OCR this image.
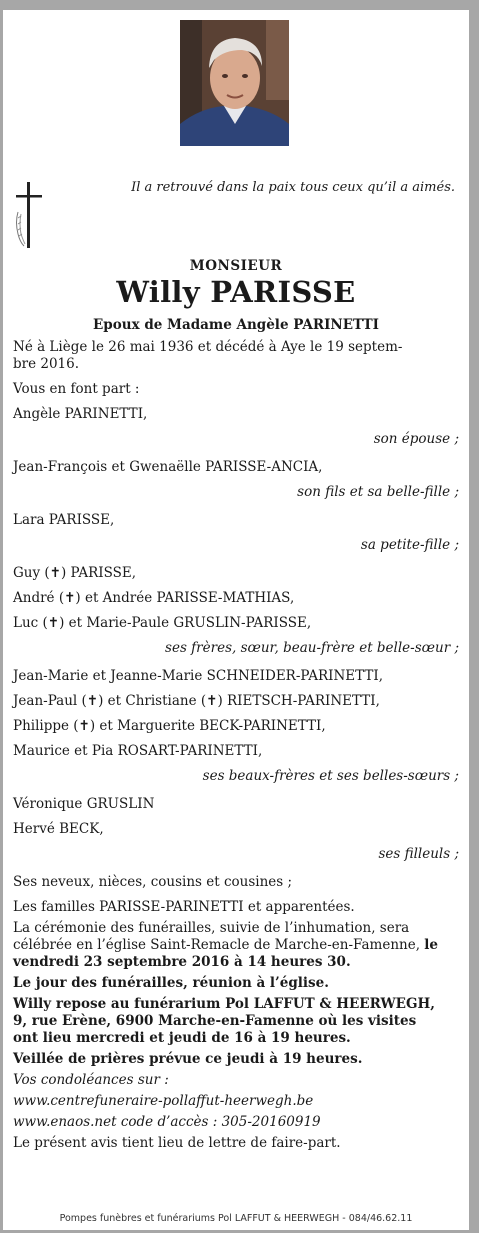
Il a retrouvé dans la paix tous ceux qu’il a aimés.
MONSIEUR
Willy PARISSE
Epoux de Madame Angèle PARINETTI

Né à Liège le 26 mai 1936 et décédé à Aye le 19 septem-

bre 2016.

Vous en font part :

Angèle PARINETTI,

son épouse ;

Jean-François et Gwenaëlle PARISSE-ANCIA,

son fils et sa belle-fille ;

Lara PARISSE,

sa petite-fille ;

Guy (✝) PARISSE,

André (✝) et Andrée PARISSE-MATHIAS,

Luc (✝) et Marie-Paule GRUSLIN-PARISSE,

ses frères, sœur, beau-frère et belle-sœur ;

Jean-Marie et Jeanne-Marie SCHNEIDER-PARINETTI,

Jean-Paul (✝) et Christiane (✝) RIETSCH-PARINETTI,

Philippe (✝) et Marguerite BECK-PARINETTI,

Maurice et Pia ROSART-PARINETTI,

ses beaux-frères et ses belles-sœurs ;

Véronique GRUSLIN

Hervé BECK,

ses filleuls ;

Ses neveux, nièces, cousins et cousines ;

Les familles PARISSE-PARINETTI et apparentées.

La cérémonie des funérailles, suivie de l’inhumation, sera

célébrée en l’église Saint-Remacle de Marche-en-Famenne, le

vendredi 23 septembre 2016 à 14 heures 30.

Le jour des funérailles, réunion à l’église.

Willy repose au funérarium Pol LAFFUT & HEERWEGH,

9, rue Erène, 6900 Marche-en-Famenne où les visites

ont lieu mercredi et jeudi de 16 à 19 heures.

Veillée de prières prévue ce jeudi à 19 heures.

Vos condoléances sur :

www.centrefuneraire-pollaffut-heerwegh.be

www.enaos.net code d’accès : 305-20160919

Le présent avis tient lieu de lettre de faire-part.

Pompes funèbres et funérariums Pol LAFFUT & HEERWEGH - 084/46.62.11
